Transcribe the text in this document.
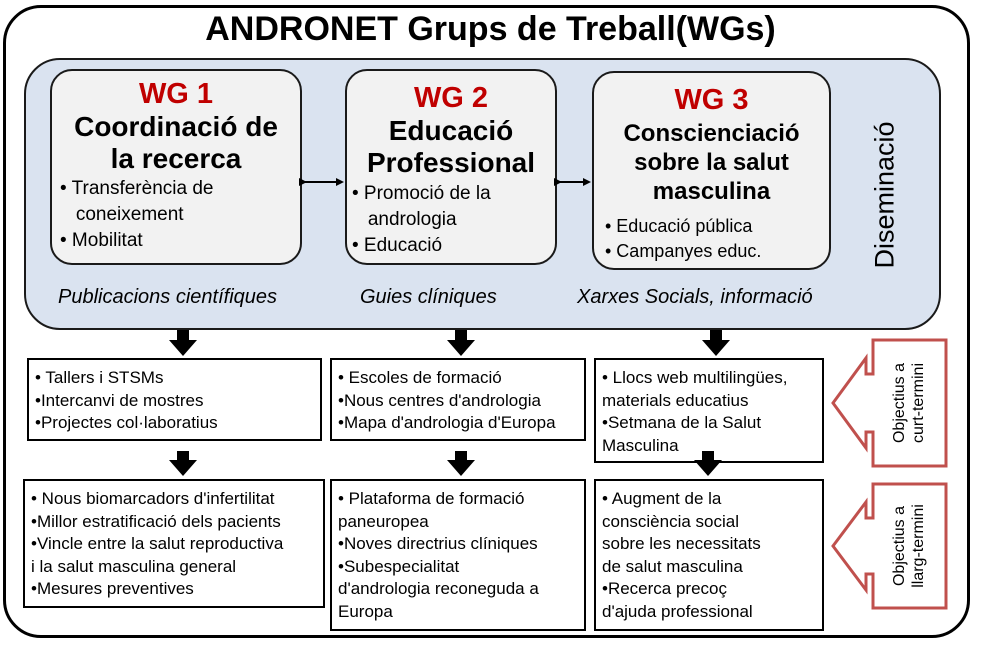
ANDRONET Grups de Treball(WGs)
WG 1
Coordinació de
la recerca
• Transferència de
coneixement
• Mobilitat
WG 2
Educació
Professional
• Promoció de la
andrologia
• Educació
WG 3
Conscienciació
sobre la salut
masculina
• Educació pública
• Campanyes educ.
Publicacions científiques	Guies clíniques	Xarxes Socials, informació
Diseminació
• Tallers i STSMs
•Intercanvi de mostres
•Projectes col·laboratius
• Escoles de formació
•Nous centres d'andrologia
•Mapa d'andrologia d'Europa
• Llocs web multilingües,
materials educatius
•Setmana de la Salut
Masculina
• Nous biomarcadors d'infertilitat
•Millor estratificació dels pacients
•Vincle entre la salut reproductiva
i la salut masculina general
•Mesures preventives
• Plataforma de formació
paneuropea
•Noves directrius clíniques
•Subespecialitat
d'andrologia reconeguda a
Europa
• Augment de la
consciència social
sobre les necessitats
de salut masculina
•Recerca precoç
d'ajuda professional
Objectius a curt-termini
Objectius a llarg-termini
